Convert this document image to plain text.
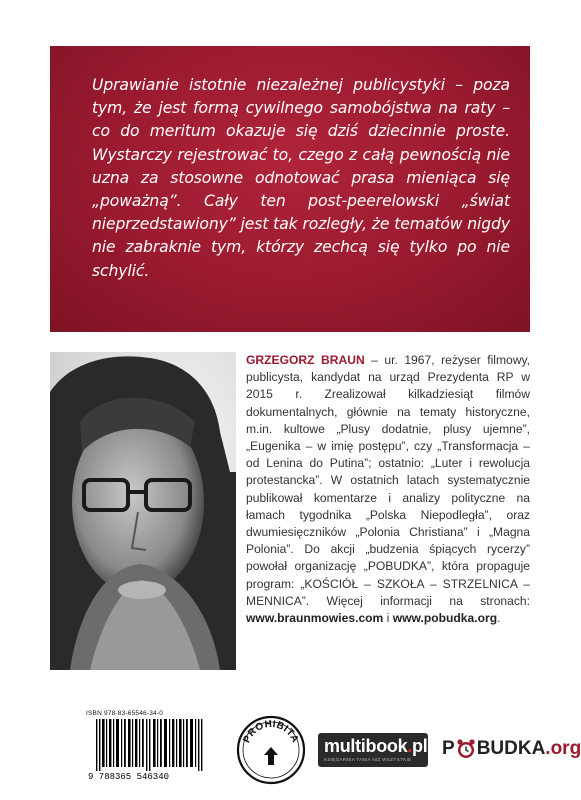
Uprawianie istotnie niezależnej publicystyki – poza tym, że jest formą cywilnego samobójstwa na raty – co do meritum okazuje się dziś dziecinnie proste. Wystarczy rejestrować to, czego z całą pewnością nie uzna za stosowne odnotować prasa mieniąca się „poważną”. Cały ten post-peerelowski „świat nieprzedstawiony” jest tak rozległy, że tematów nigdy nie zabraknie tym, którzy zechcą się tylko po nie schylić.

GRZEGORZ BRAUN – ur. 1967, reżyser filmowy, publicysta, kandydat na urząd Prezydenta RP w 2015 r. Zrealizował kilkadziesiąt filmów dokumentalnych, głównie na tematy historyczne, m.in. kultowe „Plusy dodatnie, plusy ujemne”, „Eugenika – w imię postępu”, czy „Transformacja – od Lenina do Putina”; ostatnio: „Luter i rewolucja protestancka”. W ostatnich latach systematycznie publikował komentarze i analizy polityczne na łamach tygodnika „Polska Niepodległa”, oraz dwumiesięczników „Polonia Christiana” i „Magna Polonia”. Do akcji „budzenia śpiących rycerzy” powołał organizację „POBUDKA”, która propaguje program: „KOŚCIÓŁ – SZKOŁA – STRZELNICA – MENNICA”. Więcej informacji na stronach: www.braunmowies.com i www.pobudka.org.

ISBN 978-83-65546-34-0
9 788365 546340
PROHIBITA multibook.pl
KSIĘGARNIA TANIA NIŻ WSZYSTKIE
P BUDKA .org
